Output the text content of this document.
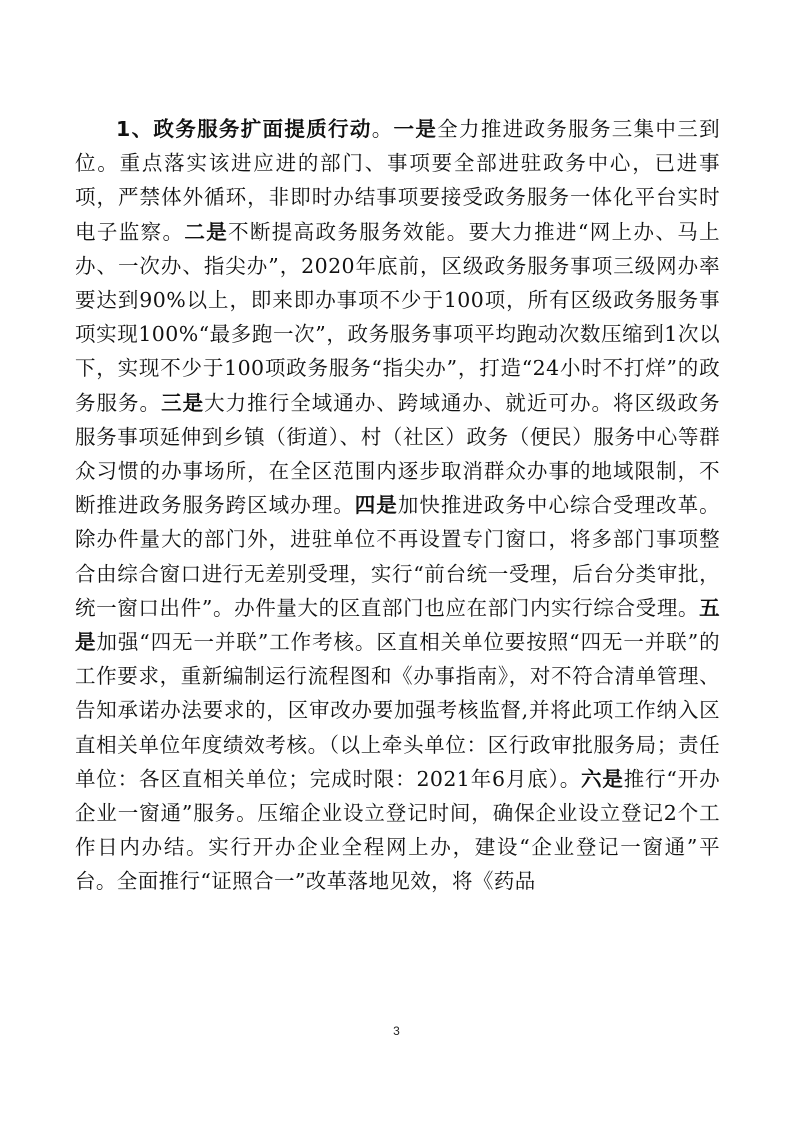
1、政务服务扩面提质行动。一是全力推进政务服务三集中三到位。重点落实该进应进的部门、事项要全部进驻政务中心，已进事项，严禁体外循环，非即时办结事项要接受政务服务一体化平台实时电子监察。二是不断提高政务服务效能。要大力推进“网上办、马上办、一次办、指尖办”，2020年底前，区级政务服务事项三级网办率要达到90%以上，即来即办事项不少于100项，所有区级政务服务事项实现100%“最多跑一次”，政务服务事项平均跑动次数压缩到1次以下，实现不少于100项政务服务“指尖办”，打造“24小时不打烊”的政务服务。三是大力推行全域通办、跨域通办、就近可办。将区级政务服务事项延伸到乡镇（街道）、村（社区）政务（便民）服务中心等群众习惯的办事场所，在全区范围内逐步取消群众办事的地域限制，不断推进政务服务跨区域办理。四是加快推进政务中心综合受理改革。除办件量大的部门外，进驻单位不再设置专门窗口，将多部门事项整合由综合窗口进行无差别受理，实行“前台统一受理，后台分类审批，统一窗口出件”。办件量大的区直部门也应在部门内实行综合受理。五是加强“四无一并联”工作考核。区直相关单位要按照“四无一并联”的工作要求，重新编制运行流程图和《办事指南》，对不符合清单管理、告知承诺办法要求的，区审改办要加强考核监督,并将此项工作纳入区直相关单位年度绩效考核。（以上牵头单位：区行政审批服务局；责任单位：各区直相关单位；完成时限：2021年6月底）。六是推行“开办企业一窗通”服务。压缩企业设立登记时间，确保企业设立登记2个工作日内办结。实行开办企业全程网上办，建设“企业登记一窗通”平台。全面推行“证照合一”改革落地见效，将《药品

3
